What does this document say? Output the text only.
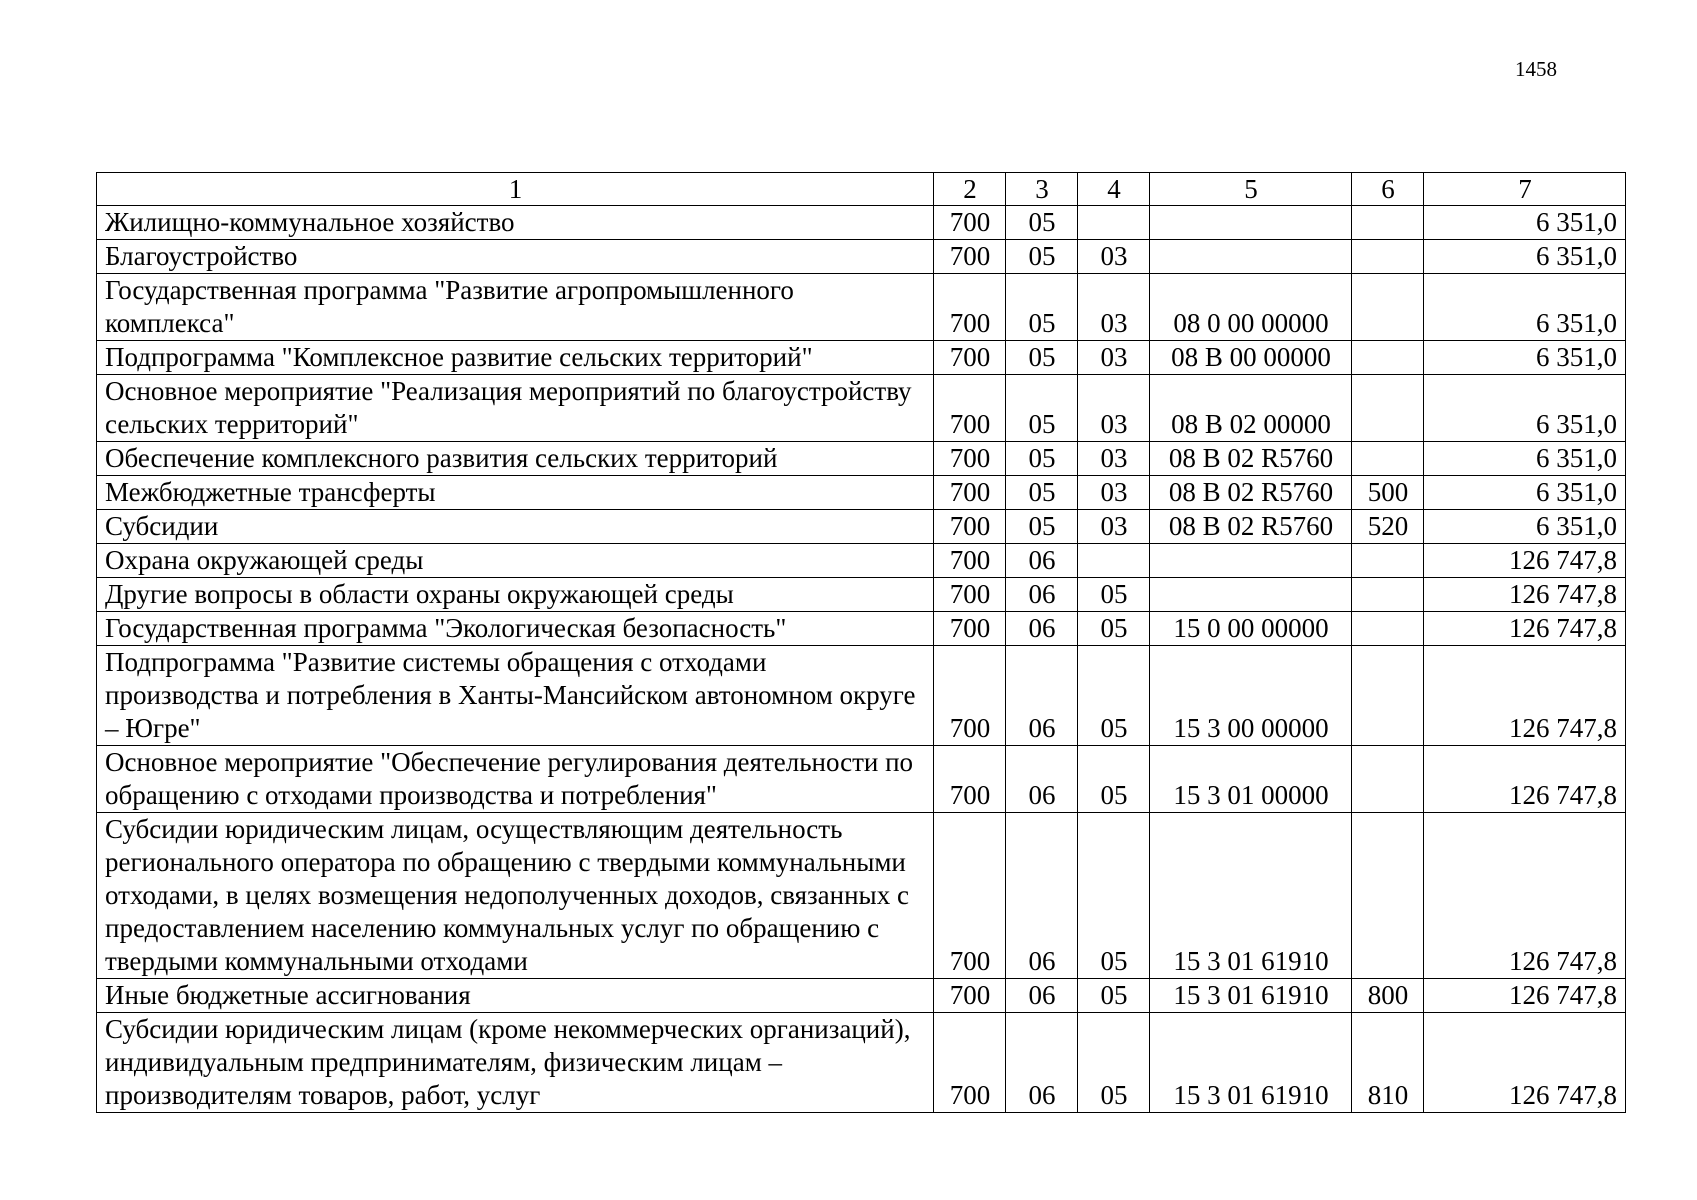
1458
1	2	3	4	5	6	7
Жилищно-коммунальное хозяйство	700	05				6 351,0
Благоустройство	700	05	03			6 351,0
Государственная программа "Развитие агропромышленного комплекса"	700	05	03	08 0 00 00000		6 351,0
Подпрограмма "Комплексное развитие сельских территорий"	700	05	03	08 В 00 00000		6 351,0
Основное мероприятие "Реализация мероприятий по благоустройству сельских территорий"	700	05	03	08 В 02 00000		6 351,0
Обеспечение комплексного развития сельских территорий	700	05	03	08 В 02 R5760		6 351,0
Межбюджетные трансферты	700	05	03	08 В 02 R5760	500	6 351,0
Субсидии	700	05	03	08 В 02 R5760	520	6 351,0
Охрана окружающей среды	700	06				126 747,8
Другие вопросы в области охраны окружающей среды	700	06	05			126 747,8
Государственная программа "Экологическая безопасность"	700	06	05	15 0 00 00000		126 747,8
Подпрограмма "Развитие системы обращения с отходами производства и потребления в Ханты-Мансийском автономном округе – Югре"	700	06	05	15 3 00 00000		126 747,8
Основное мероприятие "Обеспечение регулирования деятельности по обращению с отходами производства и потребления"	700	06	05	15 3 01 00000		126 747,8
Субсидии юридическим лицам, осуществляющим деятельность регионального оператора по обращению с твердыми коммунальными отходами, в целях возмещения недополученных доходов, связанных с предоставлением населению коммунальных услуг по обращению с твердыми коммунальными отходами	700	06	05	15 3 01 61910		126 747,8
Иные бюджетные ассигнования	700	06	05	15 3 01 61910	800	126 747,8
Субсидии юридическим лицам (кроме некоммерческих организаций), индивидуальным предпринимателям, физическим лицам – производителям товаров, работ, услуг	700	06	05	15 3 01 61910	810	126 747,8
